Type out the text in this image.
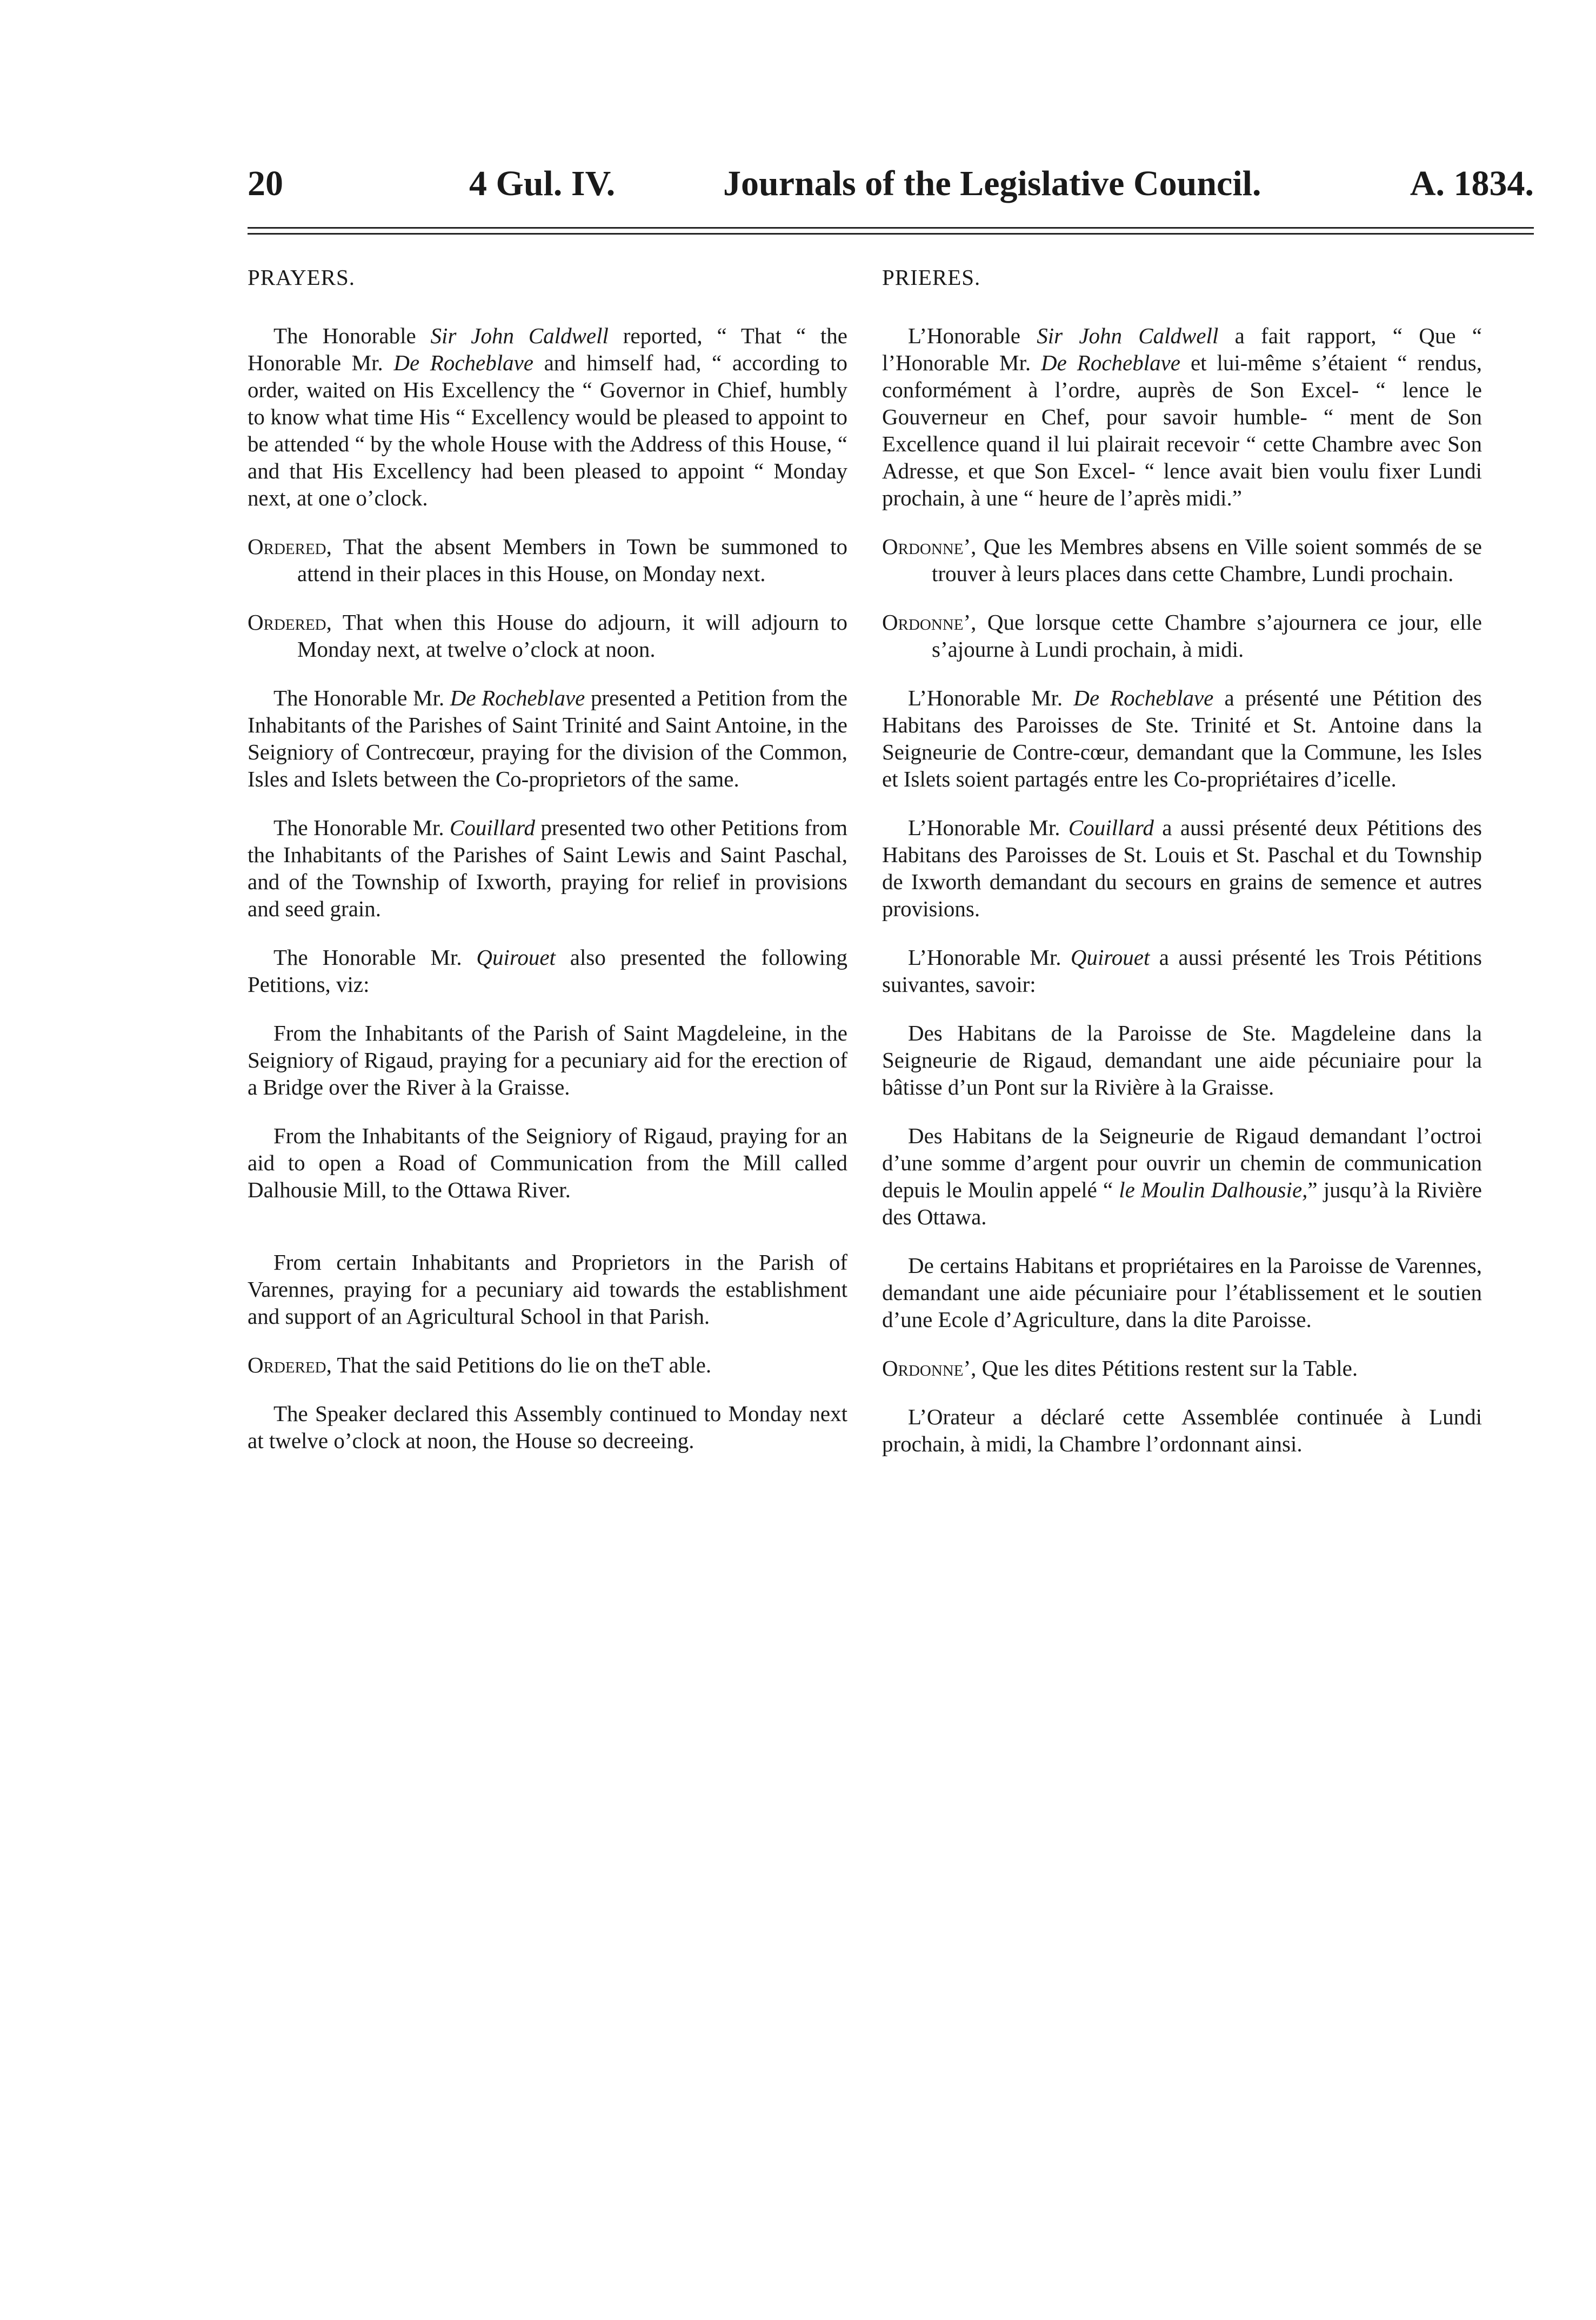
20	4 Gul. IV.	Journals of the Legislative Council.	A. 1834.

PRAYERS.

The Honorable Sir John Caldwell reported, “ That “ the Honorable Mr. De Rocheblave and himself had, “ according to order, waited on His Excellency the “ Governor in Chief, humbly to know what time His “ Excellency would be pleased to appoint to be attended “ by the whole House with the Address of this House, “ and that His Excellency had been pleased to appoint “ Monday next, at one o’clock.

Ordered, That the absent Members in Town be summoned to attend in their places in this House, on Monday next.

Ordered, That when this House do adjourn, it will adjourn to Monday next, at twelve o’clock at noon.

The Honorable Mr. De Rocheblave presented a Petition from the Inhabitants of the Parishes of Saint Trinité and Saint Antoine, in the Seigniory of Contrecœur, praying for the division of the Common, Isles and Islets between the Co-proprietors of the same.

The Honorable Mr. Couillard presented two other Petitions from the Inhabitants of the Parishes of Saint Lewis and Saint Paschal, and of the Township of Ixworth, praying for relief in provisions and seed grain.

The Honorable Mr. Quirouet also presented the following Petitions, viz:

From the Inhabitants of the Parish of Saint Magdeleine, in the Seigniory of Rigaud, praying for a pecuniary aid for the erection of a Bridge over the River à la Graisse.

From the Inhabitants of the Seigniory of Rigaud, praying for an aid to open a Road of Communication from the Mill called Dalhousie Mill, to the Ottawa River.

From certain Inhabitants and Proprietors in the Parish of Varennes, praying for a pecuniary aid towards the establishment and support of an Agricultural School in that Parish.

Ordered, That the said Petitions do lie on theT able.

The Speaker declared this Assembly continued to Monday next at twelve o’clock at noon, the House so decreeing.

PRIERES.

L’Honorable Sir John Caldwell a fait rapport, “ Que “ l’Honorable Mr. De Rocheblave et lui-même s’étaient “ rendus, conformément à l’ordre, auprès de Son Excel- “ lence le Gouverneur en Chef, pour savoir humble- “ ment de Son Excellence quand il lui plairait recevoir “ cette Chambre avec Son Adresse, et que Son Excel- “ lence avait bien voulu fixer Lundi prochain, à une “ heure de l’après midi.”

Ordonne’, Que les Membres absens en Ville soient sommés de se trouver à leurs places dans cette Chambre, Lundi prochain.

Ordonne’, Que lorsque cette Chambre s’ajournera ce jour, elle s’ajourne à Lundi prochain, à midi.

L’Honorable Mr. De Rocheblave a présenté une Pétition des Habitans des Paroisses de Ste. Trinité et St. Antoine dans la Seigneurie de Contre-cœur, demandant que la Commune, les Isles et Islets soient partagés entre les Co-propriétaires d’icelle.

L’Honorable Mr. Couillard a aussi présenté deux Pétitions des Habitans des Paroisses de St. Louis et St. Paschal et du Township de Ixworth demandant du secours en grains de semence et autres provisions.

L’Honorable Mr. Quirouet a aussi présenté les Trois Pétitions suivantes, savoir:

Des Habitans de la Paroisse de Ste. Magdeleine dans la Seigneurie de Rigaud, demandant une aide pécuniaire pour la bâtisse d’un Pont sur la Rivière à la Graisse.

Des Habitans de la Seigneurie de Rigaud demandant l’octroi d’une somme d’argent pour ouvrir un chemin de communication depuis le Moulin appelé “ le Moulin Dalhousie,” jusqu’à la Rivière des Ottawa.

De certains Habitans et propriétaires en la Paroisse de Varennes, demandant une aide pécuniaire pour l’établissement et le soutien d’une Ecole d’Agriculture, dans la dite Paroisse.

Ordonne’, Que les dites Pétitions restent sur la Table.

L’Orateur a déclaré cette Assemblée continuée à Lundi prochain, à midi, la Chambre l’ordonnant ainsi.
